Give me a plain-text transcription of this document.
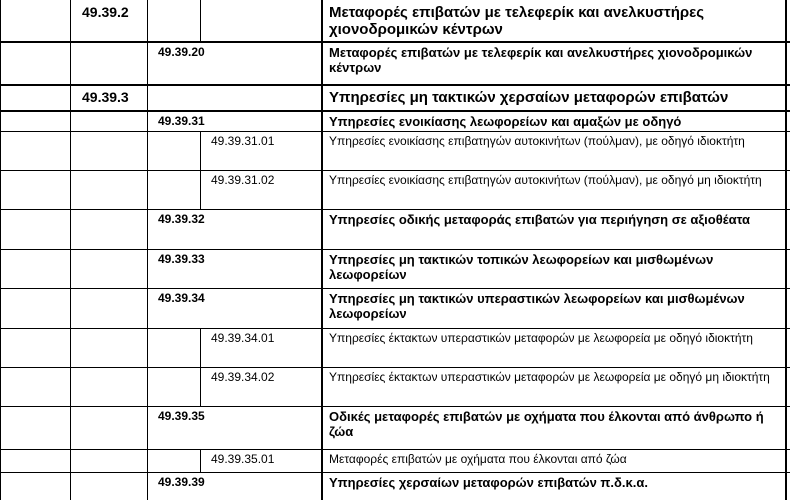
49.39.2	Μεταφορές επιβατών με τελεφερίκ και ανελκυστήρες χιονοδρομικών κέντρων
49.39.20	Μεταφορές επιβατών με τελεφερίκ και ανελκυστήρες χιονοδρομικών κέντρων
49.39.3	Υπηρεσίες μη τακτικών χερσαίων μεταφορών επιβατών
49.39.31	Υπηρεσίες ενοικίασης λεωφορείων και αμαξών με οδηγό
49.39.31.01	Υπηρεσίες ενοικίασης επιβατηγών αυτοκινήτων (πούλμαν), με οδηγό ιδιοκτήτη
49.39.31.02	Υπηρεσίες ενοικίασης επιβατηγών αυτοκινήτων (πούλμαν), με οδηγό μη ιδιοκτήτη
49.39.32	Υπηρεσίες οδικής μεταφοράς επιβατών για περιήγηση σε αξιοθέατα
49.39.33	Υπηρεσίες μη τακτικών τοπικών λεωφορείων και μισθωμένων λεωφορείων
49.39.34	Υπηρεσίες μη τακτικών υπεραστικών λεωφορείων και μισθωμένων λεωφορείων
49.39.34.01	Υπηρεσίες έκτακτων υπεραστικών μεταφορών με λεωφορεία με οδηγό ιδιοκτήτη
49.39.34.02	Υπηρεσίες έκτακτων υπεραστικών μεταφορών με λεωφορεία με οδηγό μη ιδιοκτήτη
49.39.35	Οδικές μεταφορές επιβατών με οχήματα που έλκονται από άνθρωπο ή ζώα
49.39.35.01	Μεταφορές επιβατών με οχήματα που έλκονται από ζώα
49.39.39	Υπηρεσίες χερσαίων μεταφορών επιβατών π.δ.κ.α.
